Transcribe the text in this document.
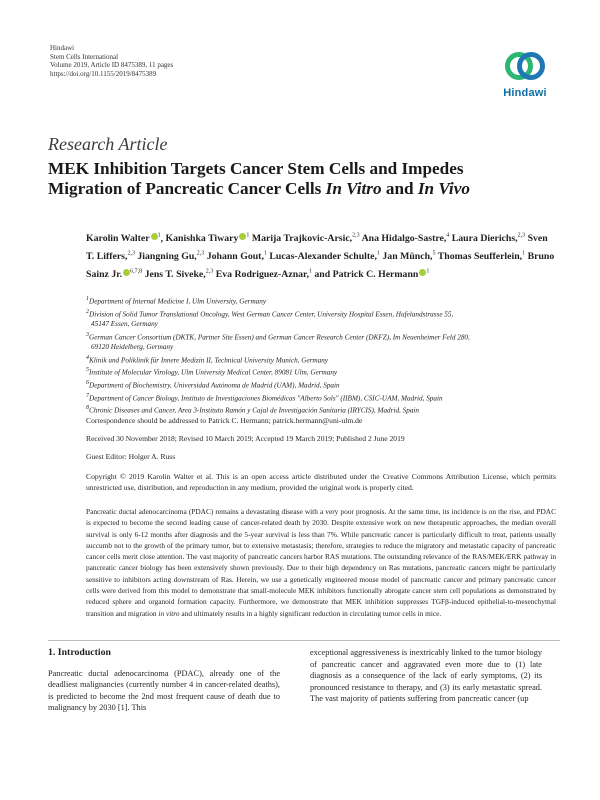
Hindawi
Stem Cells International
Volume 2019, Article ID 8475389, 11 pages
https://doi.org/10.1155/2019/8475389
Hindawi
Research Article
MEK Inhibition Targets Cancer Stem Cells and Impedes
Migration of Pancreatic Cancer Cells In Vitro and In Vivo
Karolin Walter $^1$, Kanishka Tiwary $^1$ Marija Trajkovic-Arsic,$^{2,3}$ Ana Hidalgo-Sastre,$^4$ Laura Dierichs,$^{2,3}$ Sven T. Liffers,$^{2,3}$ Jiangning Gu,$^{2,3}$ Johann Gout,$^1$ Lucas-Alexander Schulte,$^1$ Jan Münch,$^5$ Thomas Seufferlein,$^1$ Bruno Sainz Jr. $^{6,7,8}$ Jens T. Siveke,$^{2,3}$ Eva Rodriguez-Aznar,$^1$ and Patrick C. Hermann $^1$
$^1$Department of Internal Medicine I, Ulm University, Germany
$^2$Division of Solid Tumor Translational Oncology, West German Cancer Center, University Hospital Essen, Hufelandstrasse 55,
45147 Essen, Germany
$^3$German Cancer Consortium (DKTK, Partner Site Essen) and German Cancer Research Center (DKFZ), Im Neuenheimer Feld 280,
69120 Heidelberg, Germany
$^4$Klinik und Poliklinik für Innere Medizin II, Technical University Munich, Germany
$^5$Institute of Molecular Virology, Ulm University Medical Center, 89081 Ulm, Germany
$^6$Department of Biochemistry, Universidad Autónoma de Madrid (UAM), Madrid, Spain
$^7$Department of Cancer Biology, Instituto de Investigaciones Biomédicas "Alberto Sols" (IIBM), CSIC-UAM, Madrid, Spain
$^8$Chronic Diseases and Cancer, Area 3-Instituto Ramón y Cajal de Investigación Sanitaria (IRYCIS), Madrid, Spain
Correspondence should be addressed to Patrick C. Hermann; patrick.hermann@uni-ulm.de
Received 30 November 2018; Revised 10 March 2019; Accepted 19 March 2019; Published 2 June 2019
Guest Editor: Holger A. Russ
Copyright © 2019 Karolin Walter et al. This is an open access article distributed under the Creative Commons Attribution License, which permits unrestricted use, distribution, and reproduction in any medium, provided the original work is properly cited.
Pancreatic ductal adenocarcinoma (PDAC) remains a devastating disease with a very poor prognosis. At the same time, its incidence is on the rise, and PDAC is expected to become the second leading cause of cancer-related death by 2030. Despite extensive work on new therapeutic approaches, the median overall survival is only 6-12 months after diagnosis and the 5-year survival is less than 7%. While pancreatic cancer is particularly difficult to treat, patients usually succumb not to the growth of the primary tumor, but to extensive metastasis; therefore, strategies to reduce the migratory and metastatic capacity of pancreatic cancer cells merit close attention. The vast majority of pancreatic cancers harbor RAS mutations. The outstanding relevance of the RAS/MEK/ERK pathway in pancreatic cancer biology has been extensively shown previously. Due to their high dependency on Ras mutations, pancreatic cancers might be particularly sensitive to inhibitors acting downstream of Ras. Herein, we use a genetically engineered mouse model of pancreatic cancer and primary pancreatic cancer cells were derived from this model to demonstrate that small-molecule MEK inhibitors functionally abrogate cancer stem cell populations as demonstrated by reduced sphere and organoid formation capacity. Furthermore, we demonstrate that MEK inhibition suppresses TGFβ-induced epithelial-to-mesenchymal transition and migration in vitro and ultimately results in a highly significant reduction in circulating tumor cells in mice.
1. Introduction
Pancreatic ductal adenocarcinoma (PDAC), already one of the deadliest malignancies (currently number 4 in cancer-related deaths), is predicted to become the 2nd most frequent cause of death due to malignancy by 2030 [1]. This
exceptional aggressiveness is inextricably linked to the tumor biology of pancreatic cancer and aggravated even more due to (1) late diagnosis as a consequence of the lack of early symptoms, (2) its pronounced resistance to therapy, and (3) its early metastatic spread. The vast majority of patients suffering from pancreatic cancer (up
